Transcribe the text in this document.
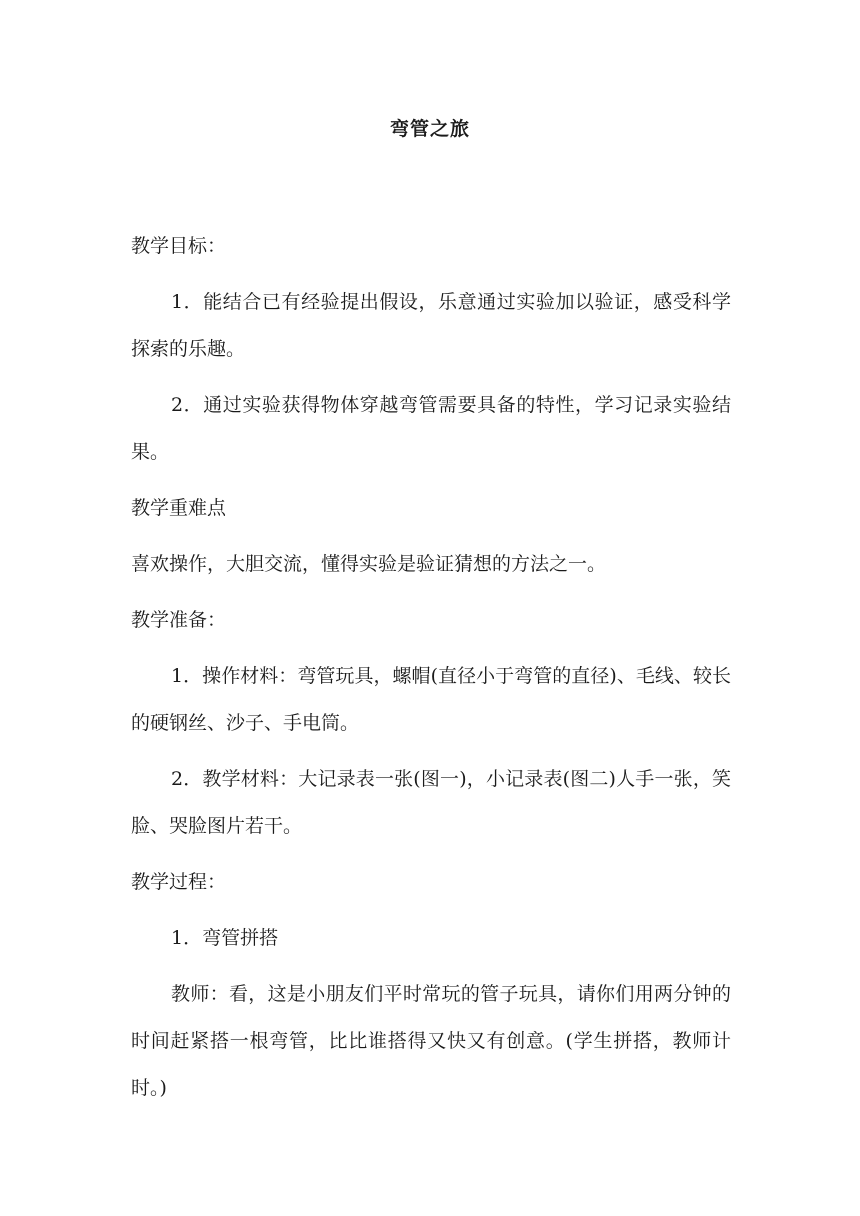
弯管之旅

教学目标：

1．能结合已有经验提出假设，乐意通过实验加以验证，感受科学探索的乐趣。

2．通过实验获得物体穿越弯管需要具备的特性，学习记录实验结果。

教学重难点

喜欢操作，大胆交流，懂得实验是验证猜想的方法之一。

教学准备：

1．操作材料：弯管玩具，螺帽(直径小于弯管的直径)、毛线、较长的硬钢丝、沙子、手电筒。

2．教学材料：大记录表一张(图一)，小记录表(图二)人手一张，笑脸、哭脸图片若干。

教学过程：

1．弯管拼搭

教师：看，这是小朋友们平时常玩的管子玩具，请你们用两分钟的时间赶紧搭一根弯管，比比谁搭得又快又有创意。(学生拼搭，教师计时。)
